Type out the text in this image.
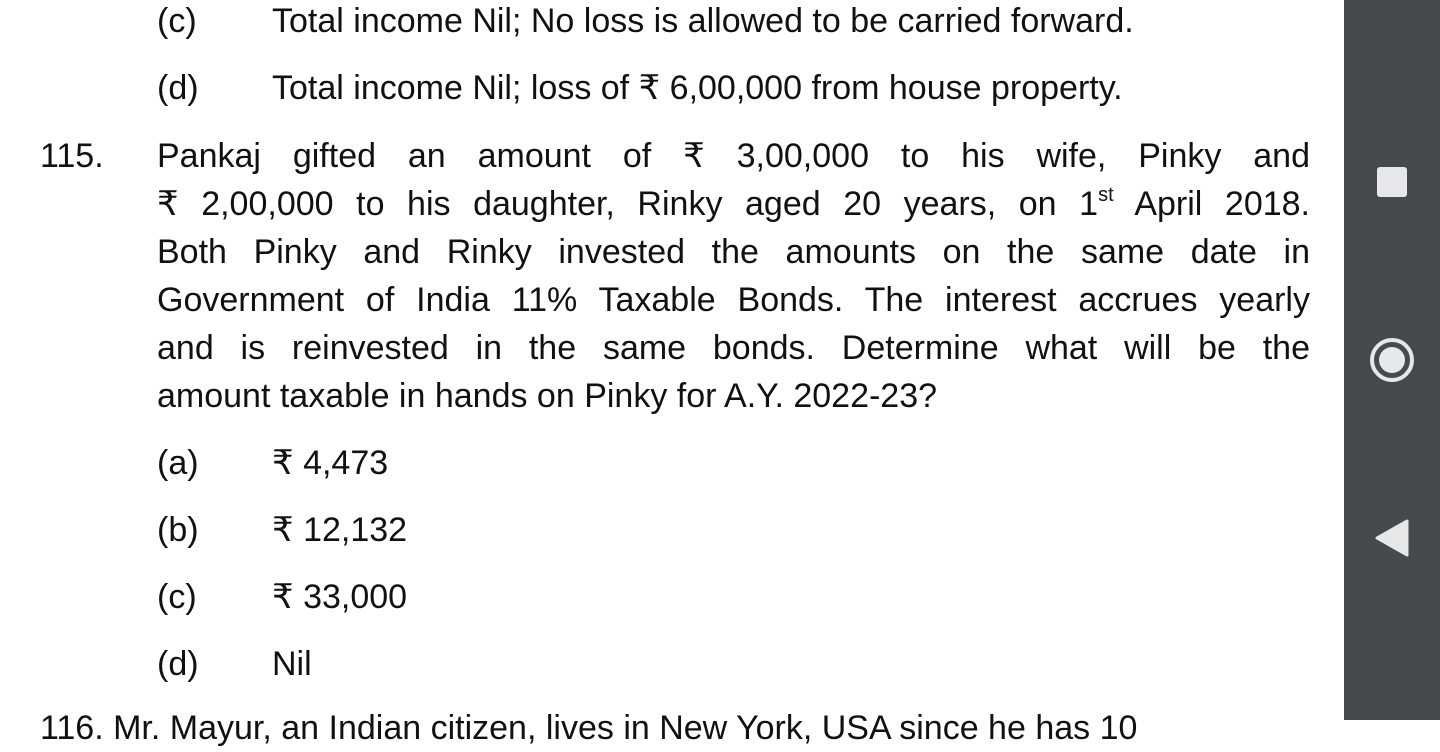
(c) Total income Nil; No loss is allowed to be carried forward.
(d) Total income Nil; loss of ₹ 6,00,000 from house property.
115. Pankaj gifted an amount of ₹ 3,00,000 to his wife, Pinky and
₹ 2,00,000 to his daughter, Rinky aged 20 years, on 1st April 2018.
Both Pinky and Rinky invested the amounts on the same date in
Government of India 11% Taxable Bonds. The interest accrues yearly
and is reinvested in the same bonds. Determine what will be the
amount taxable in hands on Pinky for A.Y. 2022-23?
(a) ₹ 4,473
(b) ₹ 12,132
(c) ₹ 33,000
(d) Nil
116. Mr. Mayur, an Indian citizen, lives in New York, USA since he has 10
